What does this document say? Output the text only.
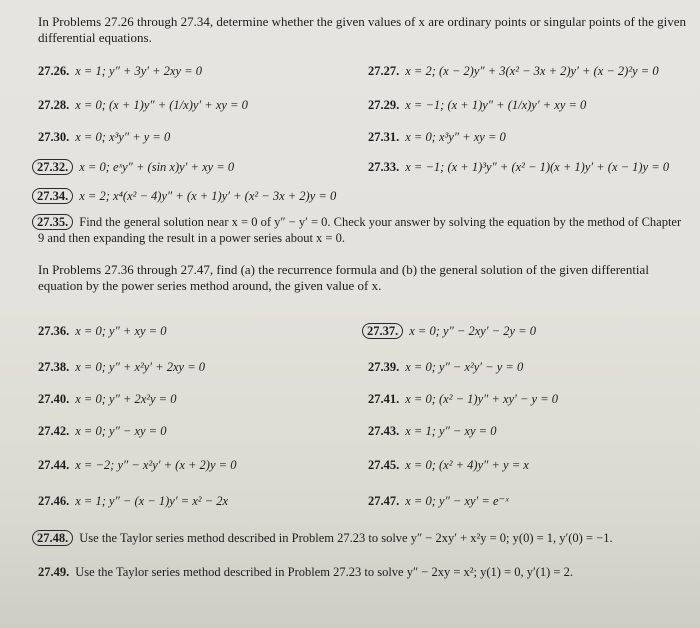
In Problems 27.26 through 27.34, determine whether the given values of x are ordinary points or singular points of the given differential equations.
27.26. x = 1; y″ + 3y′ + 2xy = 0	27.27. x = 2; (x − 2)y″ + 3(x² − 3x + 2)y′ + (x − 2)²y = 0
27.28. x = 0; (x + 1)y″ + (1/x)y′ + xy = 0	27.29. x = −1; (x + 1)y″ + (1/x)y′ + xy = 0
27.30. x = 0; x³y″ + y = 0	27.31. x = 0; x³y″ + xy = 0
27.32. x = 0; eˣy″ + (sin x)y′ + xy = 0	27.33. x = −1; (x + 1)³y″ + (x² − 1)(x + 1)y′ + (x − 1)y = 0
27.34. x = 2; x⁴(x² − 4)y″ + (x + 1)y′ + (x² − 3x + 2)y = 0
27.35. Find the general solution near x = 0 of y″ − y′ = 0. Check your answer by solving the equation by the method of Chapter 9 and then expanding the result in a power series about x = 0.
In Problems 27.36 through 27.47, find (a) the recurrence formula and (b) the general solution of the given differential equation by the power series method around, the given value of x.
27.36. x = 0; y″ + xy = 0	27.37. x = 0; y″ − 2xy′ − 2y = 0
27.38. x = 0; y″ + x²y′ + 2xy = 0	27.39. x = 0; y″ − x²y′ − y = 0
27.40. x = 0; y″ + 2x²y = 0	27.41. x = 0; (x² − 1)y″ + xy′ − y = 0
27.42. x = 0; y″ − xy = 0	27.43. x = 1; y″ − xy = 0
27.44. x = −2; y″ − x²y′ + (x + 2)y = 0	27.45. x = 0; (x² + 4)y″ + y = x
27.46. x = 1; y″ − (x − 1)y′ = x² − 2x	27.47. x = 0; y″ − xy′ = e⁻ˣ
27.48. Use the Taylor series method described in Problem 27.23 to solve y″ − 2xy′ + x²y = 0; y(0) = 1, y′(0) = −1.
27.49. Use the Taylor series method described in Problem 27.23 to solve y″ − 2xy = x²; y(1) = 0, y′(1) = 2.
